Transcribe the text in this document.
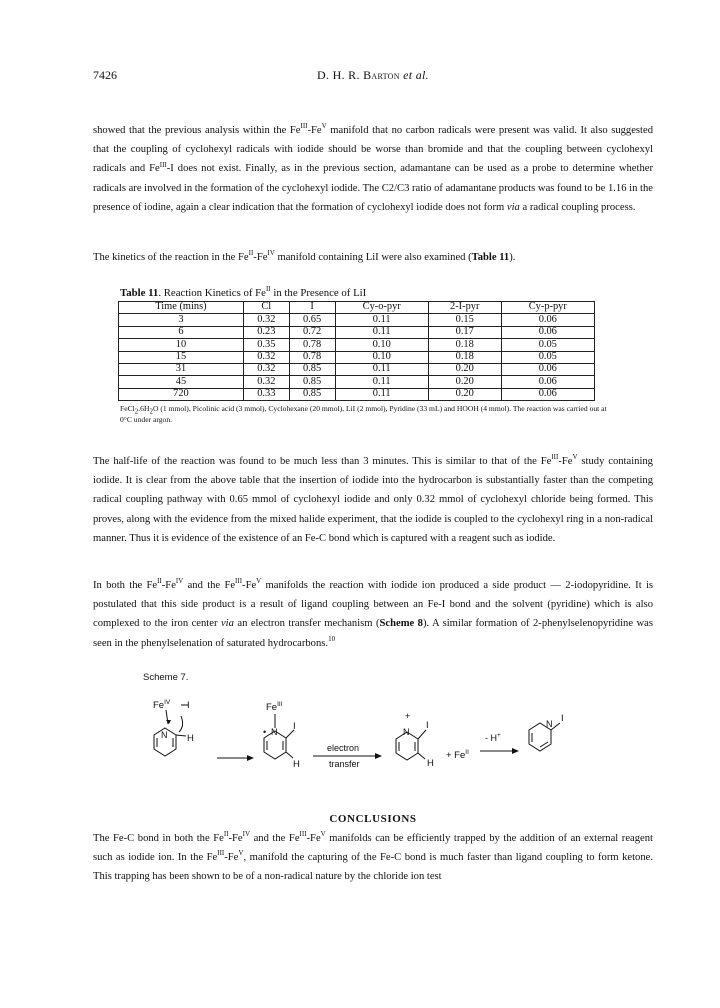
7426	D. H. R. Barton et al.

showed that the previous analysis within the $Fe^{III}-Fe^V$ manifold that no carbon radicals were present was valid. It also suggested that the coupling of cyclohexyl radicals with iodide should be worse than bromide and that the coupling between cyclohexyl radicals and $Fe^{III}-I$ does not exist. Finally, as in the previous section, adamantane can be used as a probe to determine whether radicals are involved in the formation of the cyclohexyl iodide. The C2/C3 ratio of adamantane products was found to be 1.16 in the presence of iodine, again a clear indication that the formation of cyclohexyl iodide does not form via a radical coupling process.

The kinetics of the reaction in the $Fe^{II}-Fe^{IV}$ manifold containing LiI were also examined (Table 11).

Table 11. Reaction Kinetics of $Fe^{II}$ in the Presence of LiI
Time (mins)	Cl	I	Cy-o-pyr	2-I-pyr	Cy-p-pyr
3	0.32	0.65	0.11	0.15	0.06
6	0.23	0.72	0.11	0.17	0.06
10	0.35	0.78	0.10	0.18	0.05
15	0.32	0.78	0.10	0.18	0.05
31	0.32	0.85	0.11	0.20	0.06
45	0.32	0.85	0.11	0.20	0.06
720	0.33	0.85	0.11	0.20	0.06
$FeCl_2.6H_2O$ (1 mmol), Picolinic acid (3 mmol), Cyclohexane (20 mmol), LiI (2 mmol), Pyridine (33 mL) and HOOH (4 mmol). The reaction was carried out at 0°C under argon.

The half-life of the reaction was found to be much less than 3 minutes. This is similar to that of the $Fe^{III}-Fe^V$ study containing iodide. It is clear from the above table that the insertion of iodide into the hydrocarbon is substantially faster than the competing radical coupling pathway with 0.65 mmol of cyclohexyl iodide and only 0.32 mmol of cyclohexyl chloride being formed. This proves, along with the evidence from the mixed halide experiment, that the iodide is coupled to the cyclohexyl ring in a non-radical manner. Thus it is evidence of the existence of an Fe-C bond which is captured with a reagent such as iodide.

In both the $Fe^{II}-Fe^{IV}$ and the $Fe^{III}-Fe^V$ manifolds the reaction with iodide ion produced a side product — 2-iodopyridine. It is postulated that this side product is a result of ligand coupling between an Fe-I bond and the solvent (pyridine) which is also complexed to the iron center via an electron transfer mechanism (Scheme 8). A similar formation of 2-phenylselenopyridine was seen in the phenylselenation of saturated hydrocarbons.$^{10}$

Scheme 7.
$Fe^{IV}$ I
N H
$Fe^{III}$
• N I
H
electron
transfer
+
N
I
H
+ $Fe^{II}$
- H+
N I
CONCLUSIONS

The Fe-C bond in both the $Fe^{II}-Fe^{IV}$ and the $Fe^{III}-Fe^V$ manifolds can be efficiently trapped by the addition of an external reagent such as iodide ion. In the $Fe^{III}-Fe^V$, manifold the capturing of the Fe-C bond is much faster than ligand coupling to form ketone. This trapping has been shown to be of a non-radical nature by the chloride ion test
